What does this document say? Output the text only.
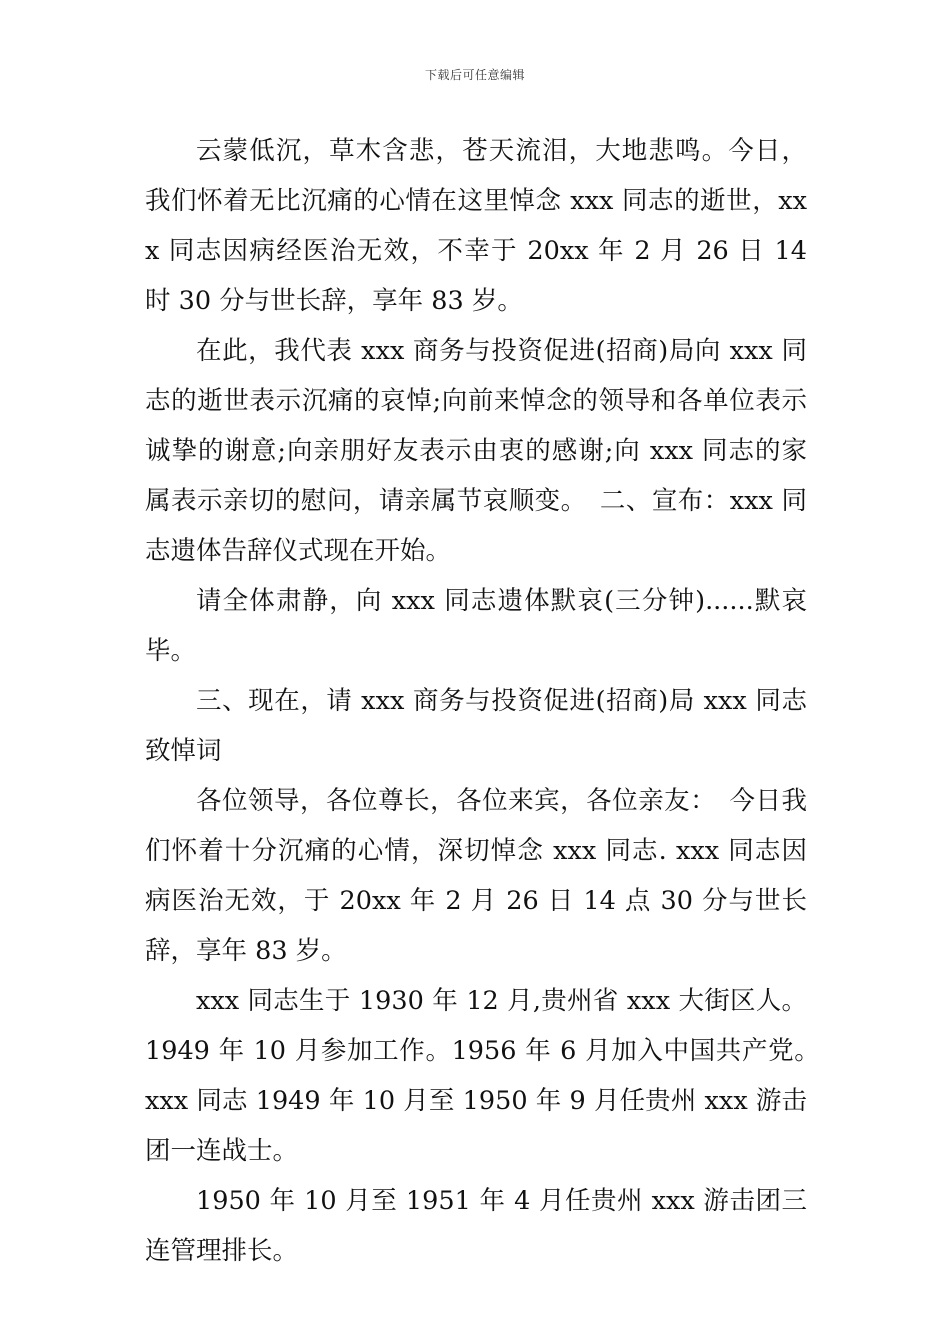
下载后可任意编辑

云蒙低沉，草木含悲，苍天流泪，大地悲鸣。今日，我们怀着无比沉痛的心情在这里悼念 xxx 同志的逝世，xxx 同志因病经医治无效，不幸于 20xx 年 2 月 26 日 14 时 30 分与世长辞，享年 83 岁。

在此，我代表 xxx 商务与投资促进(招商)局向 xxx 同志的逝世表示沉痛的哀悼;向前来悼念的领导和各单位表示诚挚的谢意;向亲朋好友表示由衷的感谢;向 xxx 同志的家属表示亲切的慰问，请亲属节哀顺变。　二、宣布：xxx 同志遗体告辞仪式现在开始。

请全体肃静，向 xxx 同志遗体默哀(三分钟)......默哀毕。

三、现在，请 xxx 商务与投资促进(招商)局 xxx 同志致悼词

各位领导，各位尊长，各位来宾，各位亲友：　今日我们怀着十分沉痛的心情，深切悼念 xxx 同志. xxx 同志因病医治无效，于 20xx 年 2 月 26 日 14 点 30 分与世长辞，享年 83 岁。

xxx 同志生于 1930 年 12 月,贵州省 xxx 大街区人。1949 年 10 月参加工作。1956 年 6 月加入中国共产党。　xxx 同志 1949 年 10 月至 1950 年 9 月任贵州 xxx 游击团一连战士。

1950 年 10 月至 1951 年 4 月任贵州 xxx 游击团三连管理排长。
